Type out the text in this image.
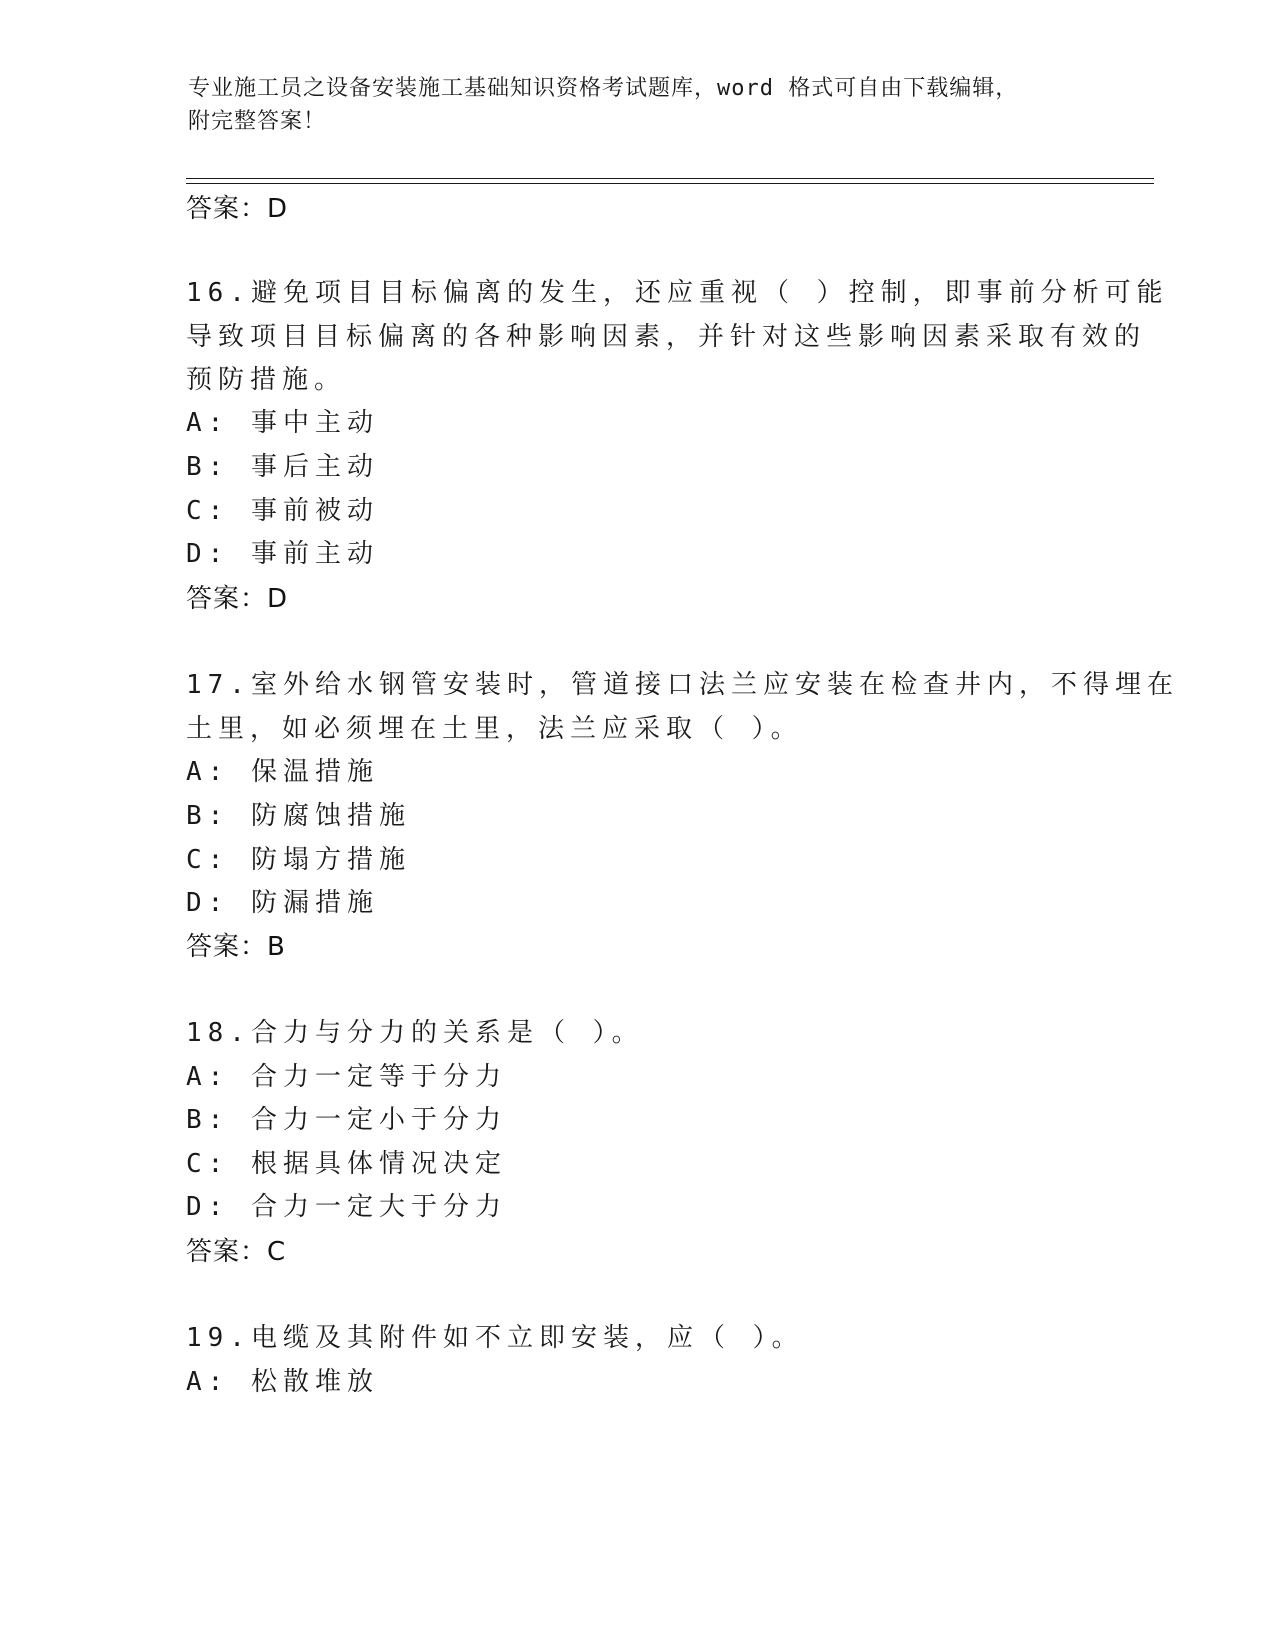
专业施工员之设备安装施工基础知识资格考试题库，word 格式可自由下载编辑，
附完整答案！
答案：D
16.避免项目目标偏离的发生，还应重视（ ）控制，即事前分析可能
导致项目目标偏离的各种影响因素，并针对这些影响因素采取有效的
预防措施。
A: 事中主动
B: 事后主动
C: 事前被动
D: 事前主动
答案：D
17.室外给水钢管安装时，管道接口法兰应安装在检查井内，不得埋在
土里，如必须埋在土里，法兰应采取（ ）。
A: 保温措施
B: 防腐蚀措施
C: 防塌方措施
D: 防漏措施
答案：B
18.合力与分力的关系是（ ）。
A: 合力一定等于分力
B: 合力一定小于分力
C: 根据具体情况决定
D: 合力一定大于分力
答案：C
19.电缆及其附件如不立即安装，应（ ）。
A: 松散堆放
